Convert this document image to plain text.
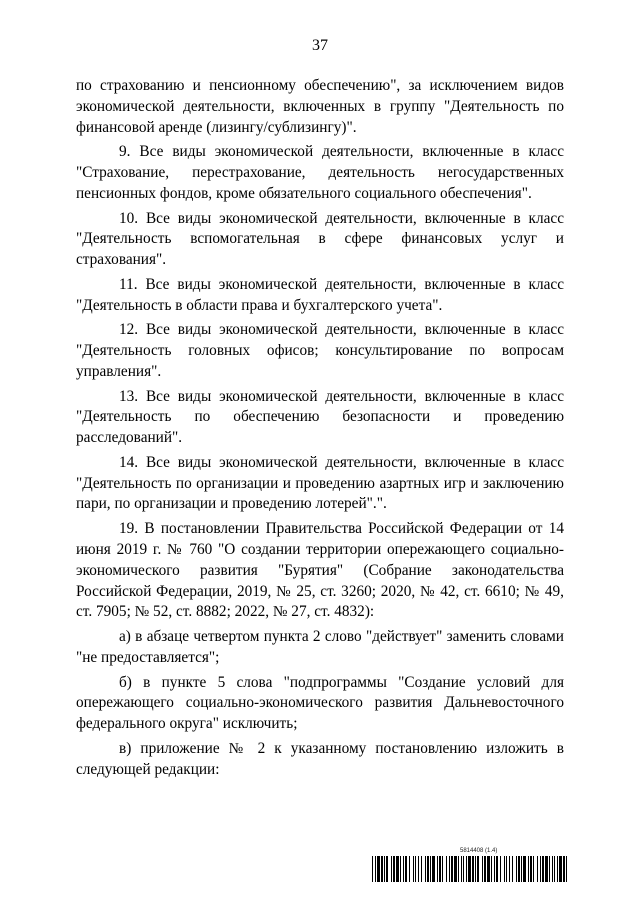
37

по страхованию и пенсионному обеспечению", за исключением видов экономической деятельности, включенных в группу "Деятельность по финансовой аренде (лизингу/сублизингу)".

9. Все виды экономической деятельности, включенные в класс "Страхование, перестрахование, деятельность негосударственных пенсионных фондов, кроме обязательного социального обеспечения".

10. Все виды экономической деятельности, включенные в класс "Деятельность вспомогательная в сфере финансовых услуг и страхования".

11. Все виды экономической деятельности, включенные в класс "Деятельность в области права и бухгалтерского учета".

12. Все виды экономической деятельности, включенные в класс "Деятельность головных офисов; консультирование по вопросам управления".

13. Все виды экономической деятельности, включенные в класс "Деятельность по обеспечению безопасности и проведению расследований".

14. Все виды экономической деятельности, включенные в класс "Деятельность по организации и проведению азартных игр и заключению пари, по организации и проведению лотерей".".

19. В постановлении Правительства Российской Федерации от 14 июня 2019 г. № 760 "О создании территории опережающего социально-экономического развития "Бурятия" (Собрание законодательства Российской Федерации, 2019, № 25, ст. 3260; 2020, № 42, ст. 6610; № 49, ст. 7905; № 52, ст. 8882; 2022, № 27, ст. 4832):

а) в абзаце четвертом пункта 2 слово "действует" заменить словами "не предоставляется";

б) в пункте 5 слова "подпрограммы "Создание условий для опережающего социально-экономического развития Дальневосточного федерального округа" исключить;

в) приложение № 2 к указанному постановлению изложить в следующей редакции:

5814408 (1.4)
